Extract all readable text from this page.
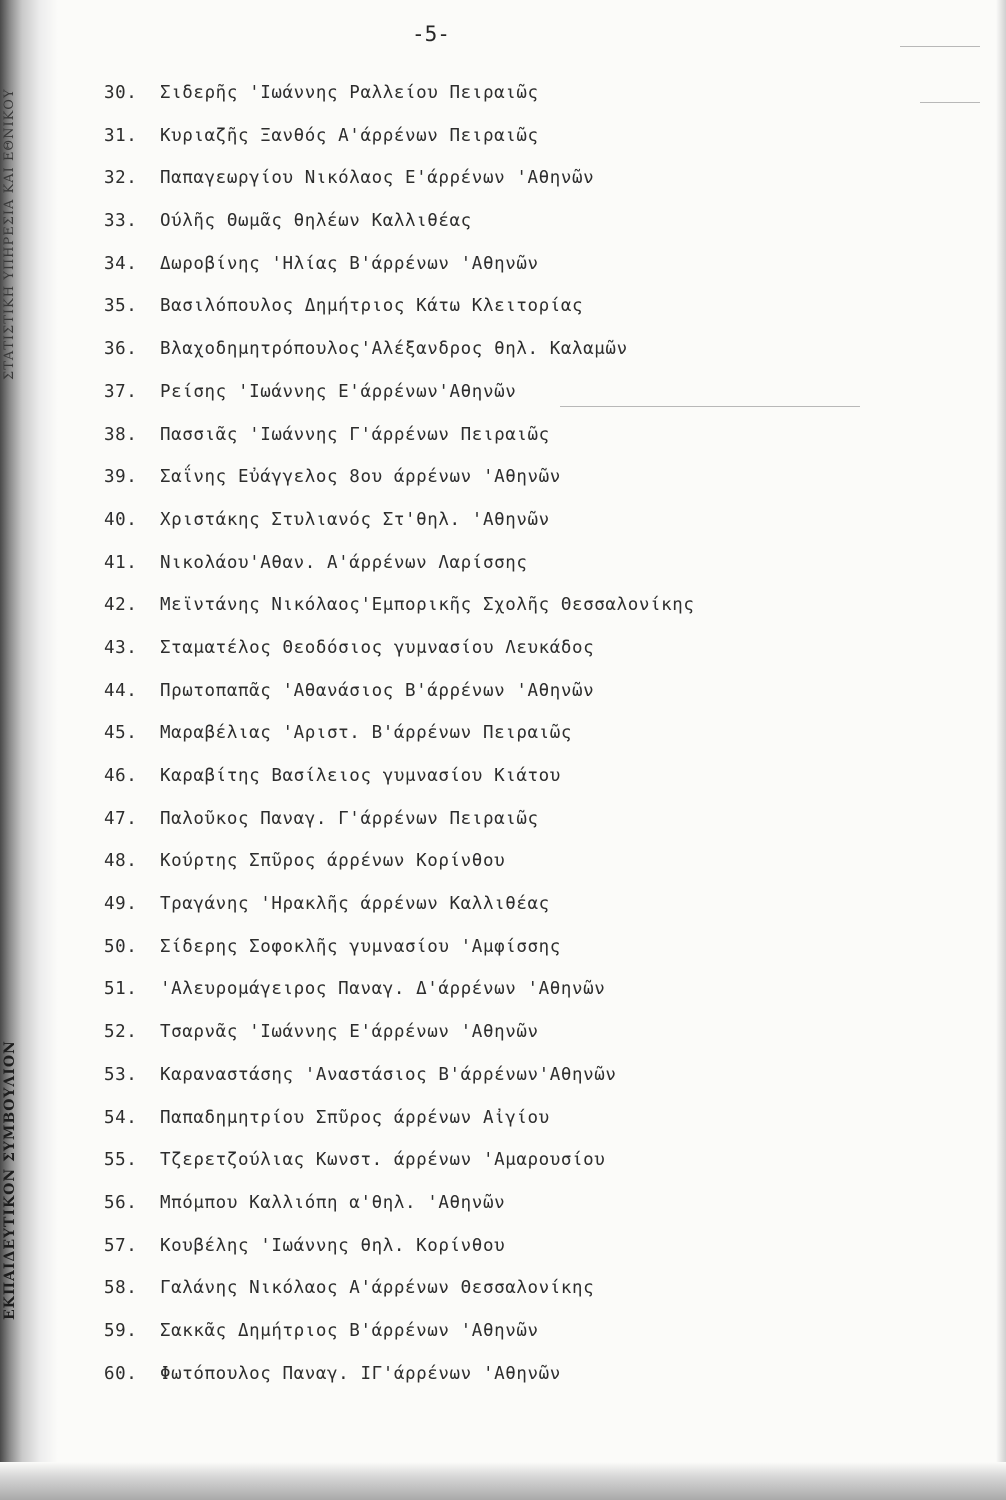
ΣΤΑΤΙΣΤΙΚΗ ΥΠΗΡΕΣΙΑ ΚΑΙ ΕΘΝΙΚΟΥ
ΕΚΠΑΙΔΕΥΤΙΚΟΝ ΣΥΜΒΟΥΛΙΟΝ
-5-
30. Σιδερῆς 'Ιωάννης Ραλλείου Πειραιῶς
31. Κυριαζῆς Ξανθός Α'άρρένων Πειραιῶς
32. Παπαγεωργίου Νικόλαος Ε'άρρένων 'Αθηνῶν
33. Ούλῆς Θωμᾶς θηλέων Καλλιθέας
34. Δωροβίνης 'Ηλίας Β'άρρένων 'Αθηνῶν
35. Βασιλόπουλος Δημήτριος Κάτω Κλειτορίας
36. Βλαχοδημητρόπουλος'Αλέξανδρος θηλ. Καλαμῶν
37. Ρείσης 'Ιωάννης Ε'άρρένων'Αθηνῶν
38. Πασσιᾶς 'Ιωάννης Γ'άρρένων Πειραιῶς
39. Σαΐνης Εὐάγγελος 8ου άρρένων 'Αθηνῶν
40. Χριστάκης Στυλιανός Στ'θηλ. 'Αθηνῶν
41. Νικολάου'Αθαν. Α'άρρένων Λαρίσσης
42. Μεϊντάνης Νικόλαος'Εμπορικῆς Σχολῆς Θεσσαλονίκης
43. Σταματέλος Θεοδόσιος γυμνασίου Λευκάδος
44. Πρωτοπαπᾶς 'Αθανάσιος Β'άρρένων 'Αθηνῶν
45. Μαραβέλιας 'Αριστ. Β'άρρένων Πειραιῶς
46. Καραβίτης Βασίλειος γυμνασίου Κιάτου
47. Παλοῦκος Παναγ. Γ'άρρένων Πειραιῶς
48. Κούρτης Σπῦρος άρρένων Κορίνθου
49. Τραγάνης 'Ηρακλῆς άρρένων Καλλιθέας
50. Σίδερης Σοφοκλῆς γυμνασίου 'Αμφίσσης
51. 'Αλευρομάγειρος Παναγ. Δ'άρρένων 'Αθηνῶν
52. Τσαρνᾶς 'Ιωάννης Ε'άρρένων 'Αθηνῶν
53. Καραναστάσης 'Αναστάσιος Β'άρρένων'Αθηνῶν
54. Παπαδημητρίου Σπῦρος άρρένων Αἰγίου
55. Τζερετζούλιας Κωνστ. άρρένων 'Αμαρουσίου
56. Μπόμπου Καλλιόπη α'θηλ. 'Αθηνῶν
57. Κουβέλης 'Ιωάννης θηλ. Κορίνθου
58. Γαλάνης Νικόλαος Α'άρρένων Θεσσαλονίκης
59. Σακκᾶς Δημήτριος Β'άρρένων 'Αθηνῶν
60. Φωτόπουλος Παναγ. ΙΓ'άρρένων 'Αθηνῶν
